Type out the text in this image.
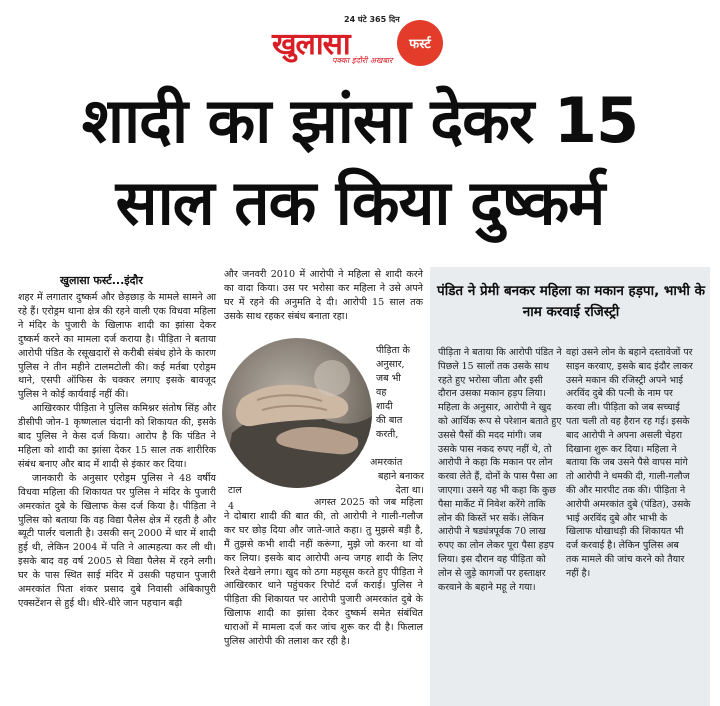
24 घंटे 365 दिन
खुलासा	फर्स्ट
पक्का इंदौरी अखबार
शादी का झांसा देकर 15
साल तक किया दुष्कर्म
खुलासा फर्स्ट...इंदौर

शहर में लगातार दुष्कर्म और छेड़छाड़ के मामले सामने आ रहे हैं। एरोड्रम थाना क्षेत्र की रहने वाली एक विधवा महिला ने मंदिर के पुजारी के खिलाफ शादी का झांसा देकर दुष्कर्म करने का मामला दर्ज कराया है। पीड़िता ने बताया आरोपी पंडित के रसूखदारों से करीबी संबंध होने के कारण पुलिस ने तीन महीने टालमटोली की। कई मर्तबा एरोड्रम थाने, एसपी ऑफिस के चक्कर लगाए इसके बावजूद पुलिस ने कोई कार्यवाई नहीं की।

आखिरकार पीड़िता ने पुलिस कमिश्नर संतोष सिंह और डीसीपी जोन-1 कृष्णलाल चंदानी को शिकायत की, इसके बाद पुलिस ने केस दर्ज किया। आरोप है कि पंडित ने महिला को शादी का झांसा देकर 15 साल तक शारीरिक संबंध बनाए और बाद में शादी से इंकार कर दिया।

जानकारी के अनुसार एरोड्रम पुलिस ने 48 वर्षीय विधवा महिला की शिकायत पर पुलिस ने मंदिर के पुजारी अमरकांत दुबे के खिलाफ केस दर्ज किया है। पीड़िता ने पुलिस को बताया कि वह विद्या पैलेस क्षेत्र में रहती है और ब्यूटी पार्लर चलाती है। उसकी सन् 2000 में धार में शादी हुई थी, लेकिन 2004 में पति ने आत्महत्या कर ली थी। इसके बाद वह वर्ष 2005 से विद्या पैलेस में रहने लगी। घर के पास स्थित साई मंदिर में उसकी पहचान पुजारी अमरकांत पिता शंकर प्रसाद दुबे निवासी अंबिकापुरी एक्सटेंशन से हुई थी। धीरे-धीरे जान पहचान बढ़ी

और जनवरी 2010 में आरोपी ने महिला से शादी करने का वादा किया। उस पर भरोसा कर महिला ने उसे अपने घर में रहने की अनुमति दे दी। आरोपी 15 साल तक उसके साथ रहकर संबंध बनाता रहा।

पीड़िता के
अनुसार,
जब भी
वह
शादी
की बात
करती,
अमरकांत
बहाने बनाकर
देता था।
टाल
4	अगस्त 2025 को जब महिला ने दोबारा शादी की बात की, तो आरोपी ने गाली-गलौज कर घर छोड़ दिया और जाते-जाते कहा। तु मुझसे बड़ी है, मैं तुझसे कभी शादी नहीं करूंगा, मुझे जो करना था वो कर लिया। इसके बाद आरोपी अन्य जगह शादी के लिए रिश्ते देखने लगा। खुद को ठगा महसूस करते हुए पीड़िता ने आखिरकार थाने पहुंचकर रिपोर्ट दर्ज कराई। पुलिस ने पीड़िता की शिकायत पर आरोपी पुजारी अमरकांत दुबे के खिलाफ शादी का झांसा देकर दुष्कर्म समेत संबंधित धाराओं में मामला दर्ज कर जांच शुरू कर दी है। फिलाल पुलिस आरोपी की तलाश कर रही है।

पंडित ने प्रेमी बनकर महिला का मकान हड़पा, भाभी के नाम करवाई रजिस्ट्री

पीड़िता ने बताया कि आरोपी पंडित ने पिछले 15 सालों तक उसके साथ रहते हुए भरोसा जीता और इसी दौरान उसका मकान हड़प लिया। महिला के अनुसार, आरोपी ने खुद को आर्थिक रूप से परेशान बताते हुए उससे पैसों की मदद मांगी। जब उसके पास नकद रुपए नहीं थे, तो आरोपी ने कहा कि मकान पर लोन करवा लेते हैं, दोनों के पास पैसा आ जाएगा। उसने यह भी कहा कि कुछ पैसा मार्केट में निवेश करेंगे ताकि लोन की किस्तें भर सकें। लेकिन आरोपी ने षड्यंत्रपूर्वक 70 लाख रुपए का लोन लेकर पूरा पैसा हड़प लिया। इस दौरान वह पीड़िता को लोन से जुड़े कागजों पर हस्ताक्षर करवाने के बहाने महू ले गया।

वहां उसने लोन के बहाने दस्तावेजों पर साइन करवाए, इसके बाद इंदौर लाकर उसने मकान की रजिस्ट्री अपने भाई अरविंद दुबे की पत्नी के नाम पर करवा ली। पीड़िता को जब सच्चाई पता चली तो वह हैरान रह गई। इसके बाद आरोपी ने अपना असली चेहरा दिखाना शुरू कर दिया। महिला ने बताया कि जब उसने पैसे वापस मांगे तो आरोपी ने धमकी दी, गाली-गलौज की और मारपीट तक की। पीड़िता ने आरोपी अमरकांत दुबे (पंडित), उसके भाई अरविंद दुबे और भाभी के खिलाफ धोखाधड़ी की शिकायत भी दर्ज करवाई है। लेकिन पुलिस अब तक मामले की जांच करने को तैयार नहीं है।
